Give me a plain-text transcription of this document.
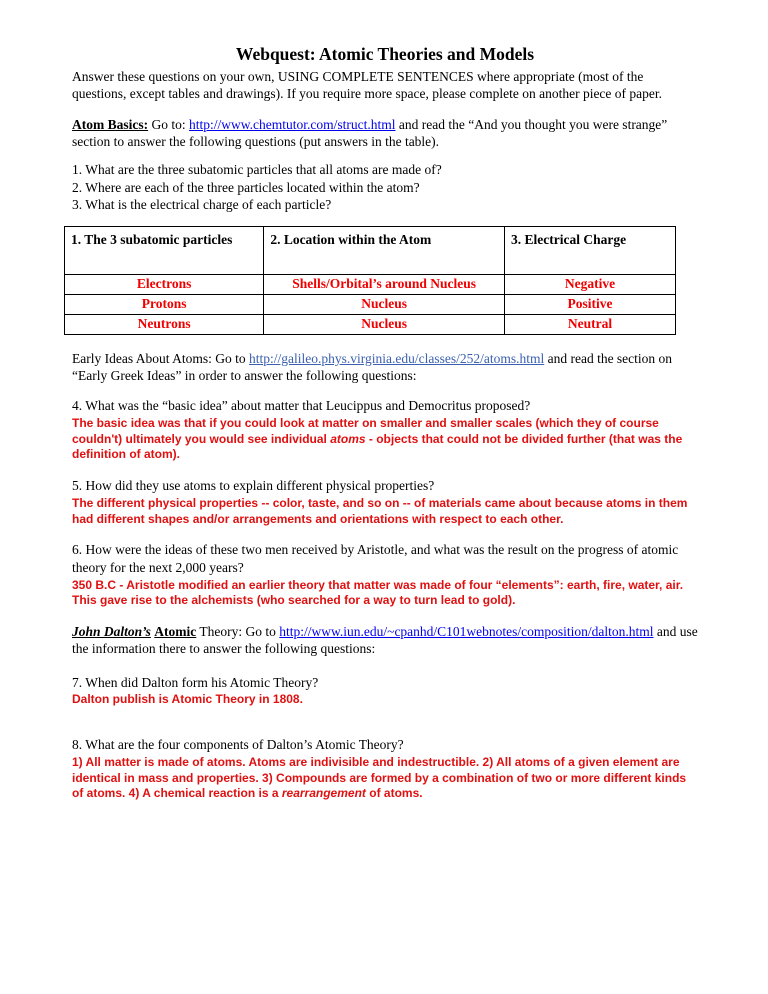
Webquest: Atomic Theories and Models

Answer these questions on your own, USING COMPLETE SENTENCES where appropriate (most of the questions, except tables and drawings). If you require more space, please complete on another piece of paper.

Atom Basics: Go to: http://www.chemtutor.com/struct.html and read the “And you thought you were strange” section to answer the following questions (put answers in the table).

1. What are the three subatomic particles that all atoms are made of?

2. Where are each of the three particles located within the atom?

3. What is the electrical charge of each particle?

1. The 3 subatomic particles	2. Location within the Atom	3. Electrical Charge
Electrons	Shells/Orbital’s around Nucleus	Negative
Protons	Nucleus	Positive
Neutrons	Nucleus	Neutral

Early Ideas About Atoms: Go to http://galileo.phys.virginia.edu/classes/252/atoms.html and read the section on “Early Greek Ideas” in order to answer the following questions:

4. What was the “basic idea” about matter that Leucippus and Democritus proposed?

The basic idea was that if you could look at matter on smaller and smaller scales (which they of course couldn't) ultimately you would see individual atoms - objects that could not be divided further (that was the definition of atom).

5. How did they use atoms to explain different physical properties?

The different physical properties -- color, taste, and so on -- of materials came about because atoms in them had different shapes and/or arrangements and orientations with respect to each other.

6. How were the ideas of these two men received by Aristotle, and what was the result on the progress of atomic theory for the next 2,000 years?

350 B.C - Aristotle modified an earlier theory that matter was made of four “elements”: earth, fire, water, air. This gave rise to the alchemists (who searched for a way to turn lead to gold).

John Dalton’s Atomic Theory: Go to http://www.iun.edu/~cpanhd/C101webnotes/composition/dalton.html and use the information there to answer the following questions:

7. When did Dalton form his Atomic Theory?

Dalton publish is Atomic Theory in 1808.

8. What are the four components of Dalton’s Atomic Theory?

1) All matter is made of atoms. Atoms are indivisible and indestructible. 2) All atoms of a given element are identical in mass and properties. 3) Compounds are formed by a combination of two or more different kinds of atoms. 4) A chemical reaction is a rearrangement of atoms.
